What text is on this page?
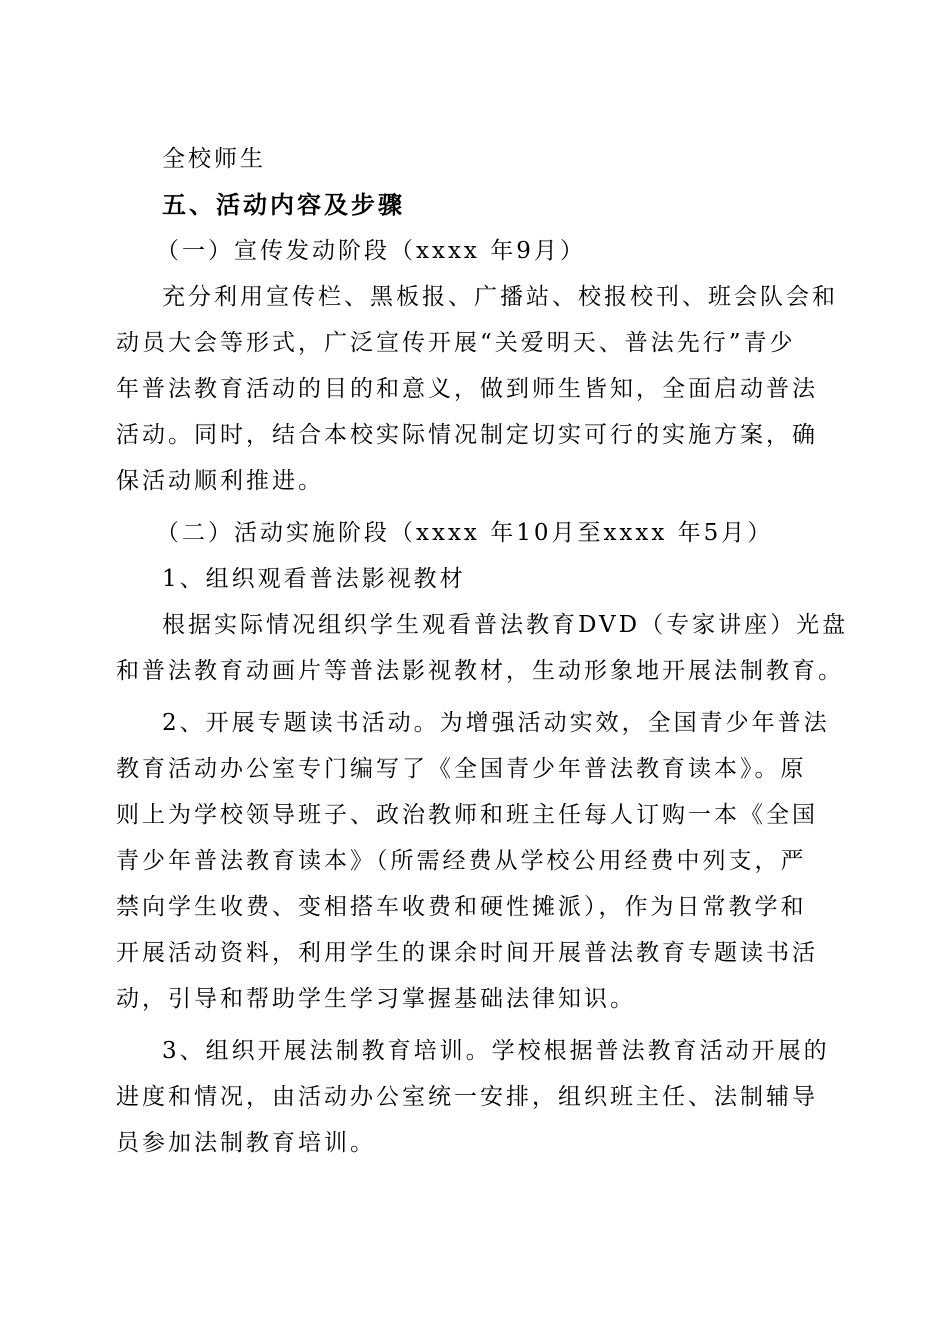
全校师生
五、活动内容及步骤
（一）宣传发动阶段（xxxx 年9月）
充分利用宣传栏、黑板报、广播站、校报校刊、班会队会和
动员大会等形式，广泛宣传开展“关爱明天、普法先行”青少
年普法教育活动的目的和意义，做到师生皆知，全面启动普法
活动。同时，结合本校实际情况制定切实可行的实施方案，确
保活动顺利推进。
（二）活动实施阶段（xxxx 年10月至xxxx 年5月）
1、组织观看普法影视教材
根据实际情况组织学生观看普法教育DVD（专家讲座）光盘
和普法教育动画片等普法影视教材，生动形象地开展法制教育。
2、开展专题读书活动。为增强活动实效，全国青少年普法
教育活动办公室专门编写了《全国青少年普法教育读本》。原
则上为学校领导班子、政治教师和班主任每人订购一本《全国
青少年普法教育读本》（所需经费从学校公用经费中列支，严
禁向学生收费、变相搭车收费和硬性摊派），作为日常教学和
开展活动资料，利用学生的课余时间开展普法教育专题读书活
动，引导和帮助学生学习掌握基础法律知识。
3、组织开展法制教育培训。学校根据普法教育活动开展的
进度和情况，由活动办公室统一安排，组织班主任、法制辅导
员参加法制教育培训。
